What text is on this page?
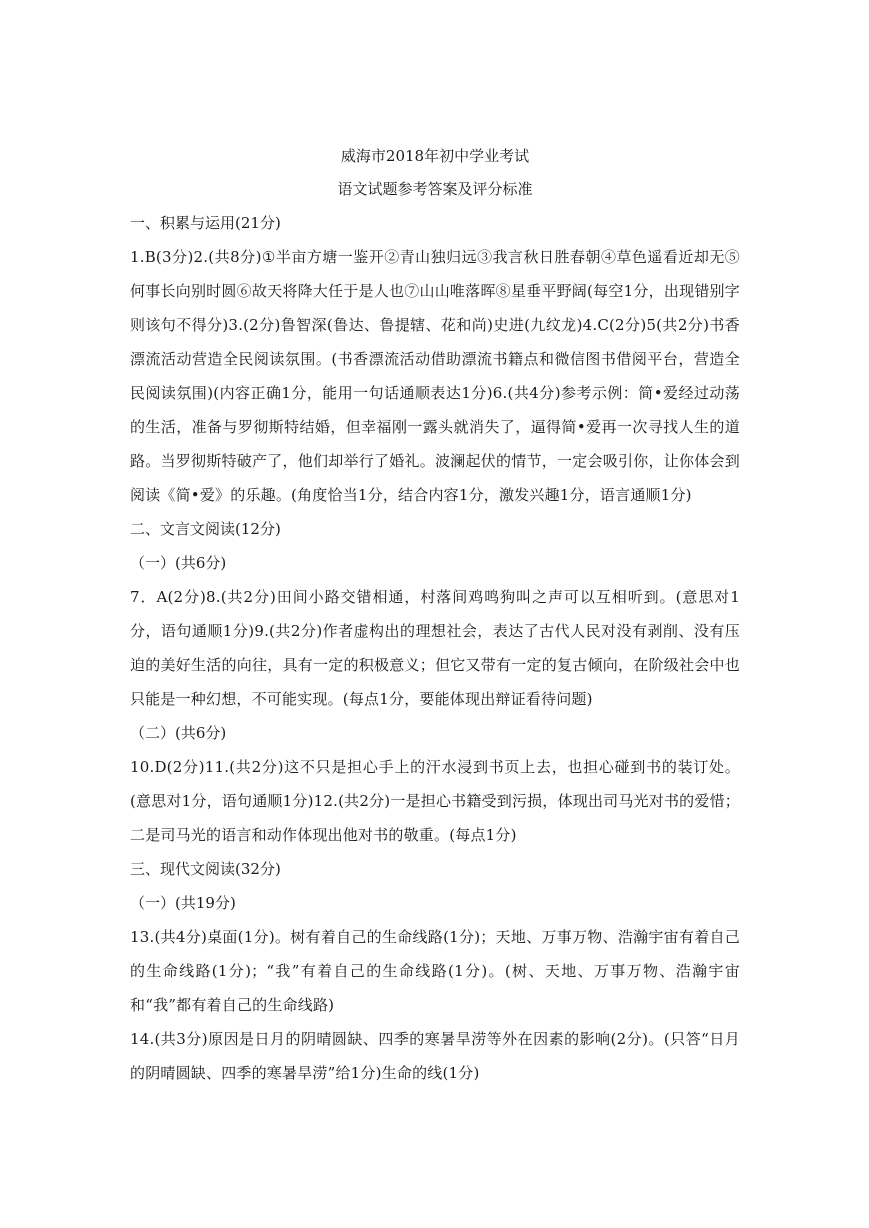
威海市2018年初中学业考试
语文试题参考答案及评分标准
一、积累与运用(21分)
1.B(3分)2.(共8分)①半亩方塘一鉴开②青山独归远③我言秋日胜春朝④草色遥看近却无⑤何事长向别时圆⑥故天将降大任于是人也⑦山山唯落晖⑧星垂平野阔(每空1分，出现错别字则该句不得分)3.(2分)鲁智深(鲁达、鲁提辖、花和尚)史进(九纹龙)4.C(2分)5(共2分)书香漂流活动营造全民阅读氛围。(书香漂流活动借助漂流书籍点和微信图书借阅平台，营造全民阅读氛围)(内容正确1分，能用一句话通顺表达1分)6.(共4分)参考示例：简•爱经过动荡的生活，准备与罗彻斯特结婚，但幸福刚一露头就消失了，逼得简•爱再一次寻找人生的道路。当罗彻斯特破产了，他们却举行了婚礼。波澜起伏的情节，一定会吸引你，让你体会到阅读《简•爱》的乐趣。(角度恰当1分，结合内容1分，激发兴趣1分，语言通顺1分)
二、文言文阅读(12分)
（一）(共6分)
7．A(2分)8.(共2分)田间小路交错相通，村落间鸡鸣狗叫之声可以互相听到。(意思对1分，语句通顺1分)9.(共2分)作者虚构出的理想社会，表达了古代人民对没有剥削、没有压迫的美好生活的向往，具有一定的积极意义；但它又带有一定的复古倾向，在阶级社会中也只能是一种幻想，不可能实现。(每点1分，要能体现出辩证看待问题)
（二）(共6分)
10.D(2分)11.(共2分)这不只是担心手上的汗水浸到书页上去，也担心碰到书的装订处。(意思对1分，语句通顺1分)12.(共2分)一是担心书籍受到污损，体现出司马光对书的爱惜；二是司马光的语言和动作体现出他对书的敬重。(每点1分)
三、现代文阅读(32分)
（一）(共19分)
13.(共4分)桌面(1分)。树有着自己的生命线路(1分)；天地、万事万物、浩瀚宇宙有着自己的生命线路(1分)；“我”有着自己的生命线路(1分)。(树、天地、万事万物、浩瀚宇宙和“我”都有着自己的生命线路)
14.(共3分)原因是日月的阴晴圆缺、四季的寒暑旱涝等外在因素的影响(2分)。(只答“日月的阴晴圆缺、四季的寒暑旱涝”给1分)生命的线(1分)
